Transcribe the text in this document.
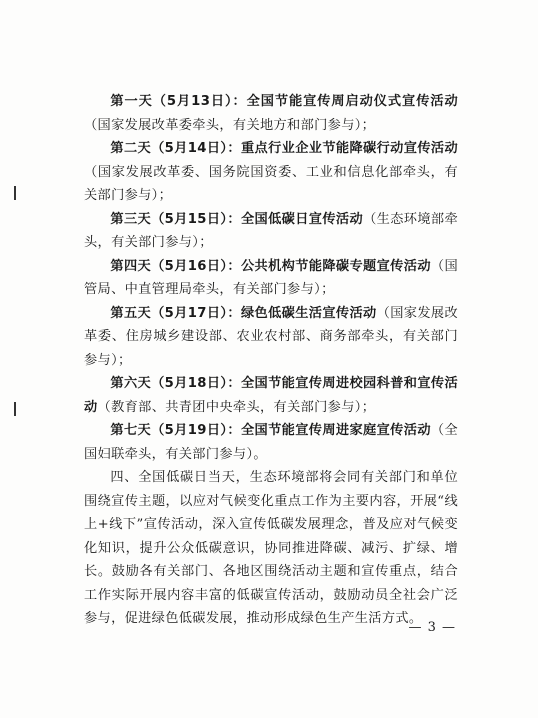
第一天（5月13日）：全国节能宣传周启动仪式宣传活动（国家发展改革委牵头，有关地方和部门参与）；

第二天（5月14日）：重点行业企业节能降碳行动宣传活动（国家发展改革委、国务院国资委、工业和信息化部牵头，有关部门参与）；

第三天（5月15日）：全国低碳日宣传活动（生态环境部牵头，有关部门参与）；

第四天（5月16日）：公共机构节能降碳专题宣传活动（国管局、中直管理局牵头，有关部门参与）；

第五天（5月17日）：绿色低碳生活宣传活动（国家发展改革委、住房城乡建设部、农业农村部、商务部牵头，有关部门参与）；

第六天（5月18日）：全国节能宣传周进校园科普和宣传活动（教育部、共青团中央牵头，有关部门参与）；

第七天（5月19日）：全国节能宣传周进家庭宣传活动（全国妇联牵头，有关部门参与）。

四、全国低碳日当天，生态环境部将会同有关部门和单位围绕宣传主题，以应对气候变化重点工作为主要内容，开展“线上+线下”宣传活动，深入宣传低碳发展理念，普及应对气候变化知识，提升公众低碳意识，协同推进降碳、减污、扩绿、增长。鼓励各有关部门、各地区围绕活动主题和宣传重点，结合工作实际开展内容丰富的低碳宣传活动，鼓励动员全社会广泛参与，促进绿色低碳发展，推动形成绿色生产生活方式。

— 3 —
